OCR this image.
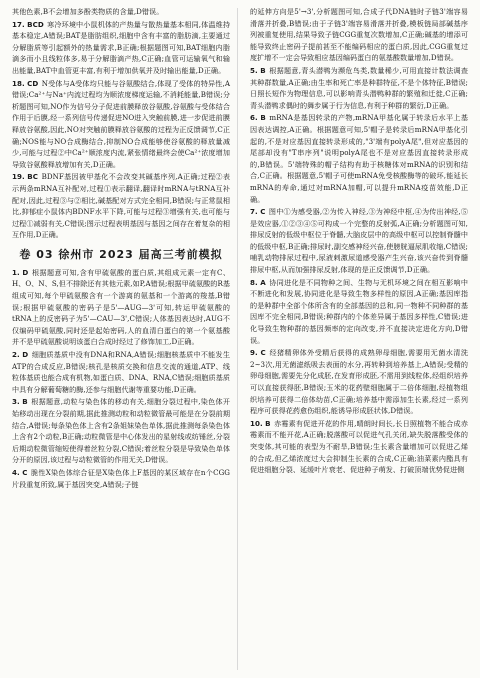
其他色素,B不会增加多酚类物质的含量,D错误。

17. BCD 寒冷环境中小鼠机体的产热量与散热量基本相同,体温维持基本稳定,A错误;BAT是脂肪组织,细胞中含有丰富的脂肪滴,主要通过分解脂质等引起额外的热量需求,B正确;根据题图可知,BAT细胞内脂滴多而小且线粒体多,易于分解脂滴产热,C正确;血管可运输氧气和输出能量,BAT中血管更丰富,有利于增加供氧并及时输出能量,D正确。

18. CD N受体与A受体均只能与谷氨酸结合,体现了受体的特异性,A错误;Ca²⁺与Na⁺内流过程均为顺浓度梯度运输,不消耗能量,B错误;分析题图可知,NO作为信号分子促进前膜释放谷氨酸,谷氨酸与受体结合作用于后膜,经一系列信号传递促进NO进入突触前膜,进一步促进前膜释放谷氨酸,因此,NO对突触前膜释放谷氨酸的过程为正反馈调节,C正确;NOS能与NO合成酶结合,抑制NO合成能够使谷氨酸的释放量减少,可能与过程②中Ca²⁺顺浓度内流,紧张情绪最终会使Ca²⁺浓度增加导致谷氨酸释放增加有关,D正确。

19. BC BDNF基因被甲基化不会改变其碱基序列,A正确;过程②表示两条mRNA互补配对,过程①表示翻译,翻译时mRNA与tRNA互补配对,因此,过程③与②相比,碱基配对方式完全相同,B错误;与正常鼠相比,抑郁症小鼠体内BDNF水平下降,可能与过程③增强有关,也可能与过程①减弱有关,C错误;图示过程表明基因与基因之间存在着复杂的相互作用,D正确。

卷 03 徐州市 2023 届高三考前模拟

1. D 根据题意可知,含有甲硫氨酸的蛋白质,其组成元素一定有C、H、O、N、S,但不排除还有其他元素,如P,A错误;根据甲硫氨酸的R基组成可知,每个甲硫氨酸含有一个游离的氨基和一个游离的羧基,B错误;根据甲硫氨酸的密码子是5'—AUG—3'可知,转运甲硫氨酸的tRNA上的反密码子为5'—CAU—3',C错误;人体基因表达时,AUG不仅编码甲硫氨酸,同时还是起始密码,人的血清白蛋白的第一个氨基酸并不是甲硫氨酸说明该蛋白合成时经过了修饰加工,D正确。

2. D 细胞质基质中没有DNA和RNA,A错误;细胞核基质中不能发生ATP的合成反应,B错误;核孔是核质交换和信息交流的通道,ATP、线粒体基质也能合成有机物,如蛋白质、DNA、RNA,C错误;细胞质基质中具有分解葡萄糖的酶,还参与细胞代谢等重要功能,D正确。

3. B 根据题意,动粒与染色体的移动有关,细胞分裂过程中,染色体开始移动出现在分裂前期,据此推测动粒和动粒微管最可能是在分裂前期结合,A错误;每条染色体上含有2条姐妹染色单体,据此推测每条染色体上含有2个动粒,B正确;动粒微管是中心体发出的星射线或纺锤丝,分裂后期动粒微管缩短使得着丝粒分裂,C错误;着丝粒分裂是导致染色单体分开的原因,该过程与动粒微管的作用无关,D错误。

4. C 脆性X染色体综合征是X染色体上F基因的某区域存在n个CGG片段重复所致,属于基因突变,A错误;子链

的延伸方向是5'→3',分析题图可知,合成子代DNA链时子链3'端容易滑落并折叠,B错误;由于子链3'端容易滑落并折叠,模板链局部碱基序列被重复使用,结果导致子链CGG重复次数增加,C正确;碱基的增添可能导致终止密码子提前甚至不能编码相应的蛋白质,因此,CGG重复过度扩增不一定会导致相应基因编码蛋白的氨基酸数量增加,D错误。

5. B 根据题意,青头潜鸭为濒危鸟类,数量稀少,可用直接计数法调查其种群数量,A正确;由生率和死亡率是种群特征,不是个体特征,B错误;日照长短作为物理信息,可以影响青头潜鸭种群的繁殖和迁徙,C正确;青头潜鸭求偶时的舞步属于行为信息,有利于种群的繁衍,D正确。

6. B mRNA是基因转录的产物,mRNA甲基化属于转录后水平上基因表达调控,A正确。根据题意可知,5'帽子是转录后mRNA甲基化引起的,不是对应基因直接转录形成的,"3'端有polyA尾",但对应基因的尾部却没有"T串序列"说明polyA尾也不是对应基因直接转录形成的,B错误。5'端特殊的帽子结构有助于核糖体对mRNA的识别和结合,C正确。根据题意,5'帽子可使mRNA免受核酸酶等的破坏,能延长mRNA的寿命,通过对mRNA加帽,可以提升mRNA疫苗效能,D正确。

7. C 图中①为感受器,②为传入神经,③为神经中枢,④为传出神经,⑤是效应器,①②③④⑤可构成一个完整的反射弧,A正确;分析题图可知,排尿反射的低级中枢位于脊髓,大脑皮层中的高级中枢可以控制脊髓中的低级中枢,B正确;排尿时,副交感神经兴奋,使膀胱逼尿肌收缩,C错误;哺乳动物排尿过程中,尿液刺激尿道感受器产生兴奋,该兴奋传到脊髓排尿中枢,从而加强排尿反射,体现的是正反馈调节,D正确。

8. A 协同进化是不同物种之间、生物与无机环境之间在相互影响中不断进化和发展,协同进化是导致生物多样性的原因,A正确;基因库指的是种群中全部个体所含有的全部基因的总和,同一物种不同种群的基因库不完全相同,B错误;种群内的个体差异属于基因多样性,C错误;进化导致生物种群的基因频率的定向改变,并不直接决定进化方向,D错误。

9. C 经猪精卵体外受精后获得的成熟卵母细胞,需要用无菌水清洗2~3次,用无菌滤纸吸去表面的水分,再转种到培养基上,A错误;受精的卵母细胞,需要先分化成胚,在发育形成胚,不需用到线粒体,经组织培养可以直接获得胚,B错误;玉米的花药壁细胞属于二倍体细胞,经植物组织培养可获得二倍体幼苗,C正确;培养基中需添加生长素,经过一系列程序可获得花药愈伤组织,能诱导形成胚状体,D错误。

10. B 赤霉素有促进开花的作用,晴朗时间长,长日照植物不能合成赤霉素而不能开花,A正确;脱落酸可以促进气孔关闭,缺失脱落酸受体的突变体,其可能的表型为不耐旱,B错误;生长素含量增加可以促进乙烯的合成,但乙烯浓度过大会抑制生长素的合成,C正确;油菜素内酯具有促进细胞分裂、延缓叶片衰老、促进种子萌发、打破顶端优势促进侧
